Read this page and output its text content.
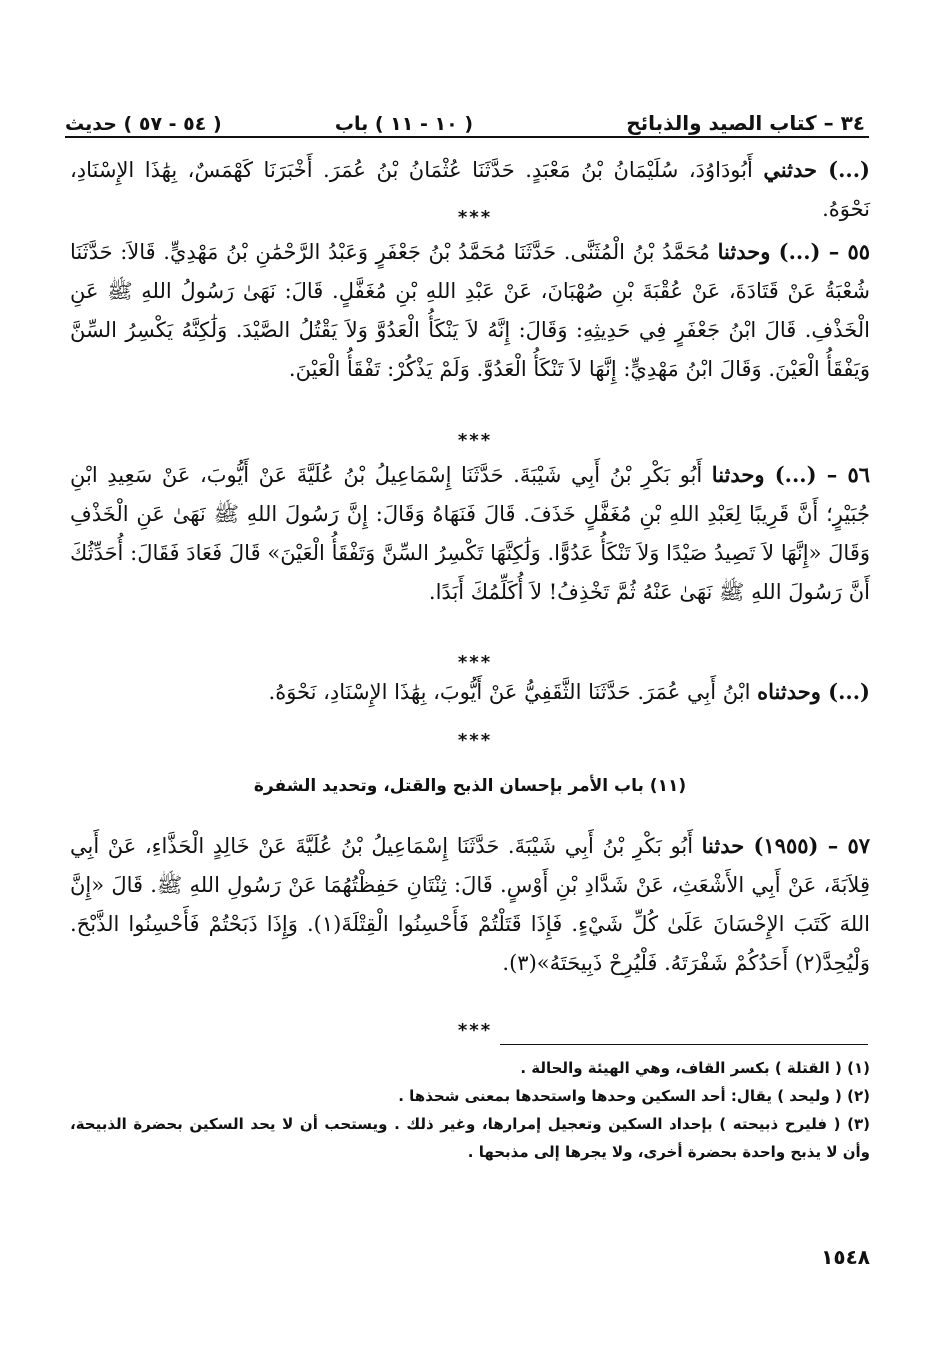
( ٥٤ - ٥٧ ) حديث	( ١٠ - ١١ ) باب	٣٤ – كتاب الصيد والذبائح

(...) حدثني أَبُودَاوُدَ، سُلَيْمَانُ بْنُ مَعْبَدٍ. حَدَّثَنَا عُثْمَانُ بْنُ عُمَرَ. أَخْبَرَنَا كَهْمَسٌ، بِهَٰذَا الإِسْنَادِ، نَحْوَهُ.

***

٥٥ – (...) وحدثنا مُحَمَّدُ بْنُ الْمُثَنَّى. حَدَّثَنَا مُحَمَّدُ بْنُ جَعْفَرٍ وَعَبْدُ الرَّحْمَٰنِ بْنُ مَهْدِيٍّ. قَالاَ: حَدَّثَنَا شُعْبَةُ عَنْ قَتَادَةَ، عَنْ عُقْبَةَ بْنِ صُهْبَانَ، عَنْ عَبْدِ اللهِ بْنِ مُغَفَّلٍ. قَالَ: نَهَىٰ رَسُولُ اللهِ ﷺ عَنِ الْخَذْفِ. قَالَ ابْنُ جَعْفَرٍ فِي حَدِيثِهِ: وَقَالَ: إِنَّهُ لاَ يَنْكَأُ الْعَدُوَّ وَلاَ يَقْتُلُ الصَّيْدَ. وَلَٰكِنَّهُ يَكْسِرُ السِّنَّ وَيَفْقَأُ الْعَيْنَ. وَقَالَ ابْنُ مَهْدِيٍّ: إِنَّهَا لاَ تَنْكَأُ الْعَدُوَّ. وَلَمْ يَذْكُرْ: تَفْقَأُ الْعَيْنَ.

***

٥٦ – (...) وحدثنا أَبُو بَكْرِ بْنُ أَبِي شَيْبَةَ. حَدَّثَنَا إِسْمَاعِيلُ بْنُ عُلَيَّةَ عَنْ أَيُّوبَ، عَنْ سَعِيدِ ابْنِ جُبَيْرٍ؛ أَنَّ قَرِيبًا لِعَبْدِ اللهِ بْنِ مُغَفَّلٍ خَذَفَ. قَالَ فَنَهَاهُ وَقَالَ: إِنَّ رَسُولَ اللهِ ﷺ نَهَىٰ عَنِ الْخَذْفِ وَقَالَ «إِنَّهَا لاَ تَصِيدُ صَيْدًا وَلاَ تَنْكَأُ عَدُوًّا. وَلَٰكِنَّهَا تَكْسِرُ السِّنَّ وَتَفْقَأُ الْعَيْنَ» قَالَ فَعَادَ فَقَالَ: أُحَدِّثُكَ أَنَّ رَسُولَ اللهِ ﷺ نَهَىٰ عَنْهُ ثُمَّ تَخْذِفُ! لاَ أُكَلِّمُكَ أَبَدًا.

***

(...) وحدثناه ابْنُ أَبِي عُمَرَ. حَدَّثَنَا الثَّقَفِيُّ عَنْ أَيُّوبَ، بِهَٰذَا الإِسْنَادِ، نَحْوَهُ.

***
(١١) باب الأمر بإحسان الذبح والقتل، وتحديد الشفرة

٥٧ – (١٩٥٥) حدثنا أَبُو بَكْرِ بْنُ أَبِي شَيْبَةَ. حَدَّثَنَا إِسْمَاعِيلُ بْنُ عُلَيَّةَ عَنْ خَالِدٍ الْحَذَّاءِ، عَنْ أَبِي قِلاَبَةَ، عَنْ أَبِي الأَشْعَثِ، عَنْ شَدَّادِ بْنِ أَوْسٍ. قَالَ: ثِنْتَانِ حَفِظْتُهُمَا عَنْ رَسُولِ اللهِ ﷺ. قَالَ «إِنَّ اللهَ كَتَبَ الإِحْسَانَ عَلَىٰ كُلِّ شَيْءٍ. فَإِذَا قَتَلْتُمْ فَأَحْسِنُوا الْقِتْلَةَ(١). وَإِذَا ذَبَحْتُمْ فَأَحْسِنُوا الذَّبْحَ. وَلْيُحِدَّ(٢) أَحَدُكُمْ شَفْرَتَهُ. فَلْيُرِحْ ذَبِيحَتَهُ»(٣).

***

(١) ( القتلة ) بكسر القاف، وهي الهيئة والحالة .

(٢) ( وليحد ) يقال: أحد السكين وحدها واستحدها بمعنى شحذها .

(٣) ( فليرح ذبيحته ) بإحداد السكين وتعجيل إمرارها، وغير ذلك . ويستحب أن لا يحد السكين بحضرة الذبيحة، وأن لا يذبح واحدة بحضرة أخرى، ولا يجرها إلى مذبحها .

١٥٤٨
